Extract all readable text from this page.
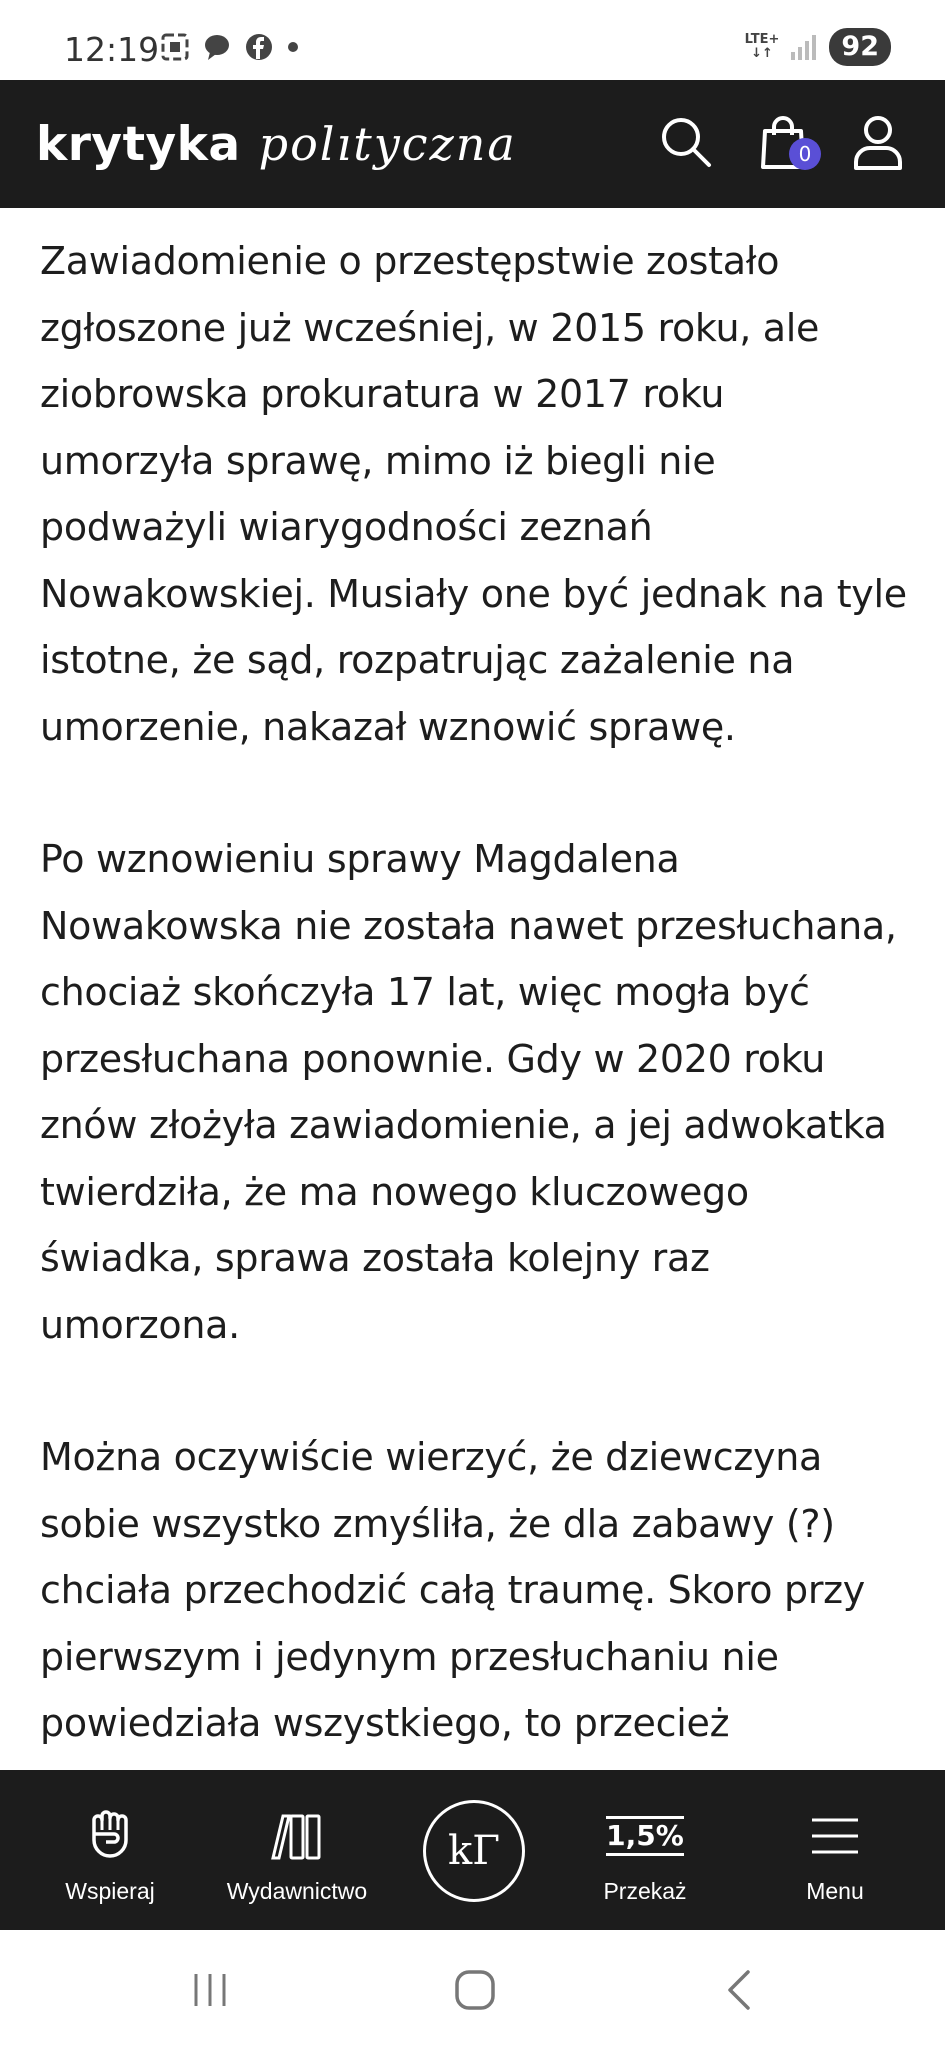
12:19	LTE+
↓↑	92
krytyka polıtyczna	0

Zawiadomienie o przestępstwie zostało zgłoszone już wcześniej, w 2015 roku, ale ziobrowska prokuratura w 2017 roku umorzyła sprawę, mimo iż biegli nie podważyli wiarygodności zeznań Nowakowskiej. Musiały one być jednak na tyle istotne, że sąd, rozpatrując zażalenie na umorzenie, nakazał wznowić sprawę.

Po wznowieniu sprawy Magdalena Nowakowska nie została nawet przesłuchana, chociaż skończyła 17 lat, więc mogła być przesłuchana ponownie. Gdy w 2020 roku znów złożyła zawiadomienie, a jej adwokatka twierdziła, że ma nowego kluczowego świadka, sprawa została kolejny raz umorzona.

Można oczywiście wierzyć, że dziewczyna sobie wszystko zmyśliła, że dla zabawy (?) chciała przechodzić całą traumę. Skoro przy pierwszym i jedynym przesłuchaniu nie powiedziała wszystkiego, to przecież

Wspieraj	Wydawnictwo
kΓ	1,5%
Przekaż	Menu
